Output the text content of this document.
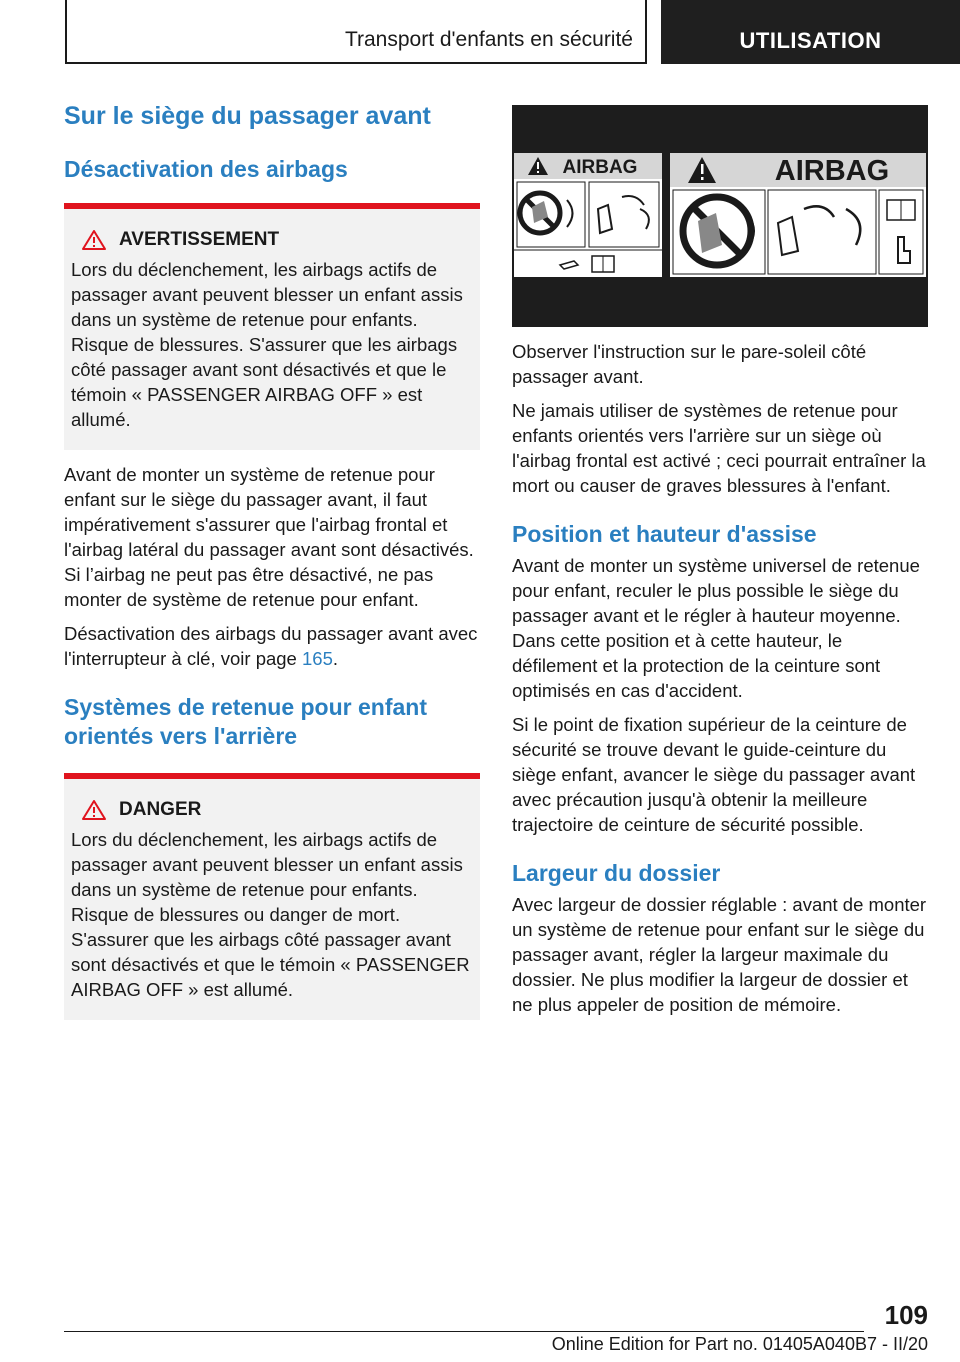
Transport d'enfants en sécurité	UTILISATION
Sur le siège du passager avant
Désactivation des airbags
AVERTISSEMENT

Lors du déclenchement, les airbags actifs de passager avant peuvent blesser un enfant assis dans un système de retenue pour enfants. Risque de blessures. S'assurer que les airbags côté passager avant sont désactivés et que le témoin « PASSENGER AIRBAG OFF » est allumé.

Avant de monter un système de retenue pour enfant sur le siège du passager avant, il faut impérativement s'assurer que l'airbag frontal et l'airbag latéral du passager avant sont désactivés. Si l’airbag ne peut pas être désactivé, ne pas monter de système de retenue pour enfant.

Désactivation des airbags du passager avant avec l'interrupteur à clé, voir page 165.

Systèmes de retenue pour enfant orientés vers l'arrière
DANGER

Lors du déclenchement, les airbags actifs de passager avant peuvent blesser un enfant assis dans un système de retenue pour enfants. Risque de blessures ou danger de mort. S'assurer que les airbags côté passager avant sont désactivés et que le témoin « PASSENGER AIRBAG OFF » est allumé.

AIRBAG	AIRBAG

Observer l'instruction sur le pare-soleil côté passager avant.

Ne jamais utiliser de systèmes de retenue pour enfants orientés vers l'arrière sur un siège où l'airbag frontal est activé ; ceci pourrait entraîner la mort ou causer de graves blessures à l'enfant.

Position et hauteur d'assise

Avant de monter un système universel de retenue pour enfant, reculer le plus possible le siège du passager avant et le régler à hauteur moyenne. Dans cette position et à cette hauteur, le défilement et la protection de la ceinture sont optimisés en cas d'accident.

Si le point de fixation supérieur de la ceinture de sécurité se trouve devant le guide-ceinture du siège enfant, avancer le siège du passager avant avec précaution jusqu'à obtenir la meilleure trajectoire de ceinture de sécurité possible.

Largeur du dossier

Avec largeur de dossier réglable : avant de monter un système de retenue pour enfant sur le siège du passager avant, régler la largeur maximale du dossier. Ne plus modifier la largeur de dossier et ne plus appeler de position de mémoire.

109
Online Edition for Part no. 01405A040B7 - II/20
